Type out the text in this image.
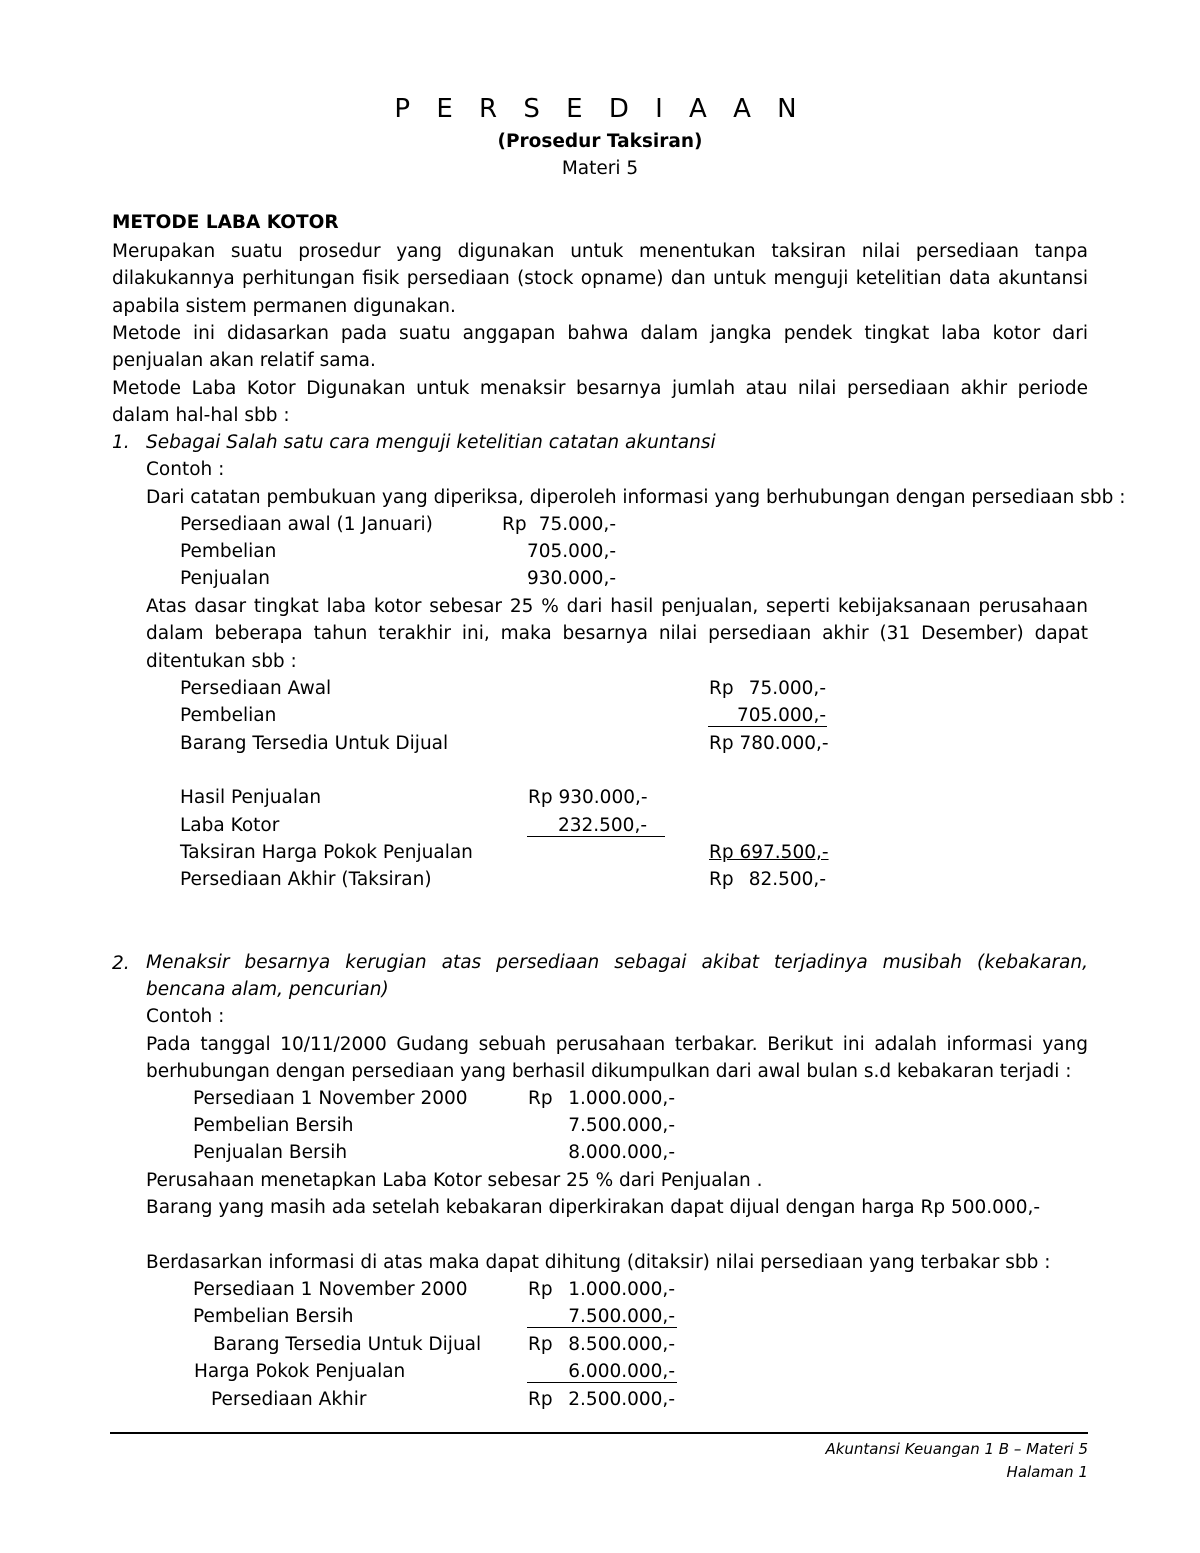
P E R S E D I A A N
(Prosedur Taksiran)
Materi 5
METODE LABA KOTOR
Merupakan suatu prosedur yang digunakan untuk menentukan taksiran nilai persediaan tanpa dilakukannya perhitungan fisik persediaan (stock opname) dan untuk menguji ketelitian data akuntansi apabila sistem permanen digunakan.
Metode ini didasarkan pada suatu anggapan bahwa dalam jangka pendek tingkat laba kotor dari penjualan akan relatif sama.
Metode Laba Kotor Digunakan untuk menaksir besarnya jumlah atau nilai persediaan akhir periode dalam hal-hal sbb :
1. Sebagai Salah satu cara menguji ketelitian catatan akuntansi
Contoh :
Dari catatan pembukuan yang diperiksa, diperoleh informasi yang berhubungan dengan persediaan sbb :
Persediaan awal (1 Januari)	Rp 75.000,-
Pembelian	705.000,-
Penjualan	930.000,-
Atas dasar tingkat laba kotor sebesar 25 % dari hasil penjualan, seperti kebijaksanaan perusahaan dalam beberapa tahun terakhir ini, maka besarnya nilai persediaan akhir (31 Desember) dapat ditentukan sbb :
Persediaan Awal	Rp 75.000,-
Pembelian	705.000,-
Barang Tersedia Untuk Dijual	Rp 780.000,-
Hasil Penjualan	Rp 930.000,-
Laba Kotor	232.500,-
Taksiran Harga Pokok Penjualan	Rp 697.500,-
Persediaan Akhir (Taksiran)	Rp 82.500,-
2. Menaksir besarnya kerugian atas persediaan sebagai akibat terjadinya musibah (kebakaran, bencana alam, pencurian)
Contoh :
Pada tanggal 10/11/2000 Gudang sebuah perusahaan terbakar. Berikut ini adalah informasi yang berhubungan dengan persediaan yang berhasil dikumpulkan dari awal bulan s.d kebakaran terjadi :
Persediaan 1 November 2000	Rp 1.000.000,-
Pembelian Bersih	7.500.000,-
Penjualan Bersih	8.000.000,-
Perusahaan menetapkan Laba Kotor sebesar 25 % dari Penjualan .
Barang yang masih ada setelah kebakaran diperkirakan dapat dijual dengan harga Rp 500.000,-
Berdasarkan informasi di atas maka dapat dihitung (ditaksir) nilai persediaan yang terbakar sbb :
Persediaan 1 November 2000	Rp 1.000.000,-
Pembelian Bersih	7.500.000,-
Barang Tersedia Untuk Dijual	Rp 8.500.000,-
Harga Pokok Penjualan	6.000.000,-
Persediaan Akhir	Rp 2.500.000,-
Akuntansi Keuangan 1 B – Materi 5
Halaman 1
